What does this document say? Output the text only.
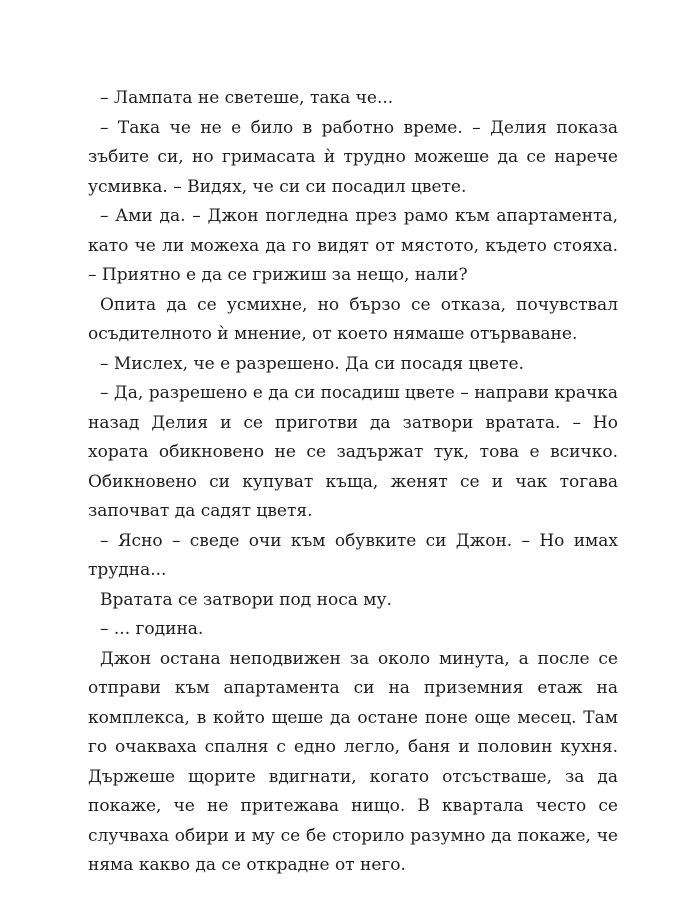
– Лампата не светеше, така че...

– Така че не е било в работно време. – Делия показа зъбите си, но гримасата ѝ трудно можеше да се нарече усмивка. – Видях, че си си посадил цвете.

– Ами да. – Джон погледна през рамо към апартамента, като че ли можеха да го видят от мястото, където стояха. – Приятно е да се грижиш за нещо, нали?

Опита да се усмихне, но бързо се отказа, почувствал осъдителното ѝ мнение, от което нямаше отърваване.

– Мислех, че е разрешено. Да си посадя цвете.

– Да, разрешено е да си посадиш цвете – направи крачка назад Делия и се приготви да затвори вратата. – Но хората обикновено не се задържат тук, това е всичко. Обикновено си купуват къща, женят се и чак тогава започват да садят цветя.

– Ясно – сведе очи към обувките си Джон. – Но имах трудна...

Вратата се затвори под носа му.

– ... година.

Джон остана неподвижен за около минута, а после се отправи към апартамента си на приземния етаж на комплекса, в който щеше да остане поне още месец. Там го очакваха спалня с едно легло, баня и половин кухня. Държеше щорите вдигнати, когато отсъстваше, за да покаже, че не притежава нищо. В квартала често се случваха обири и му се бе сторило разумно да покаже, че няма какво да се открадне от него.
